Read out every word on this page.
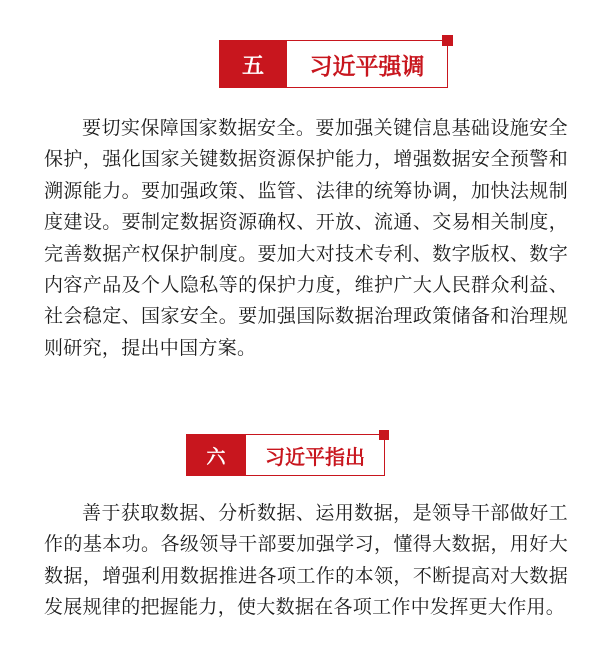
五	习近平强调

要切实保障国家数据安全。要加强关键信息基础设施安全保护，强化国家关键数据资源保护能力，增强数据安全预警和溯源能力。要加强政策、监管、法律的统筹协调，加快法规制度建设。要制定数据资源确权、开放、流通、交易相关制度，完善数据产权保护制度。要加大对技术专利、数字版权、数字内容产品及个人隐私等的保护力度，维护广大人民群众利益、社会稳定、国家安全。要加强国际数据治理政策储备和治理规则研究，提出中国方案。

六	习近平指出

善于获取数据、分析数据、运用数据，是领导干部做好工作的基本功。各级领导干部要加强学习，懂得大数据，用好大数据，增强利用数据推进各项工作的本领，不断提高对大数据发展规律的把握能力，使大数据在各项工作中发挥更大作用。
